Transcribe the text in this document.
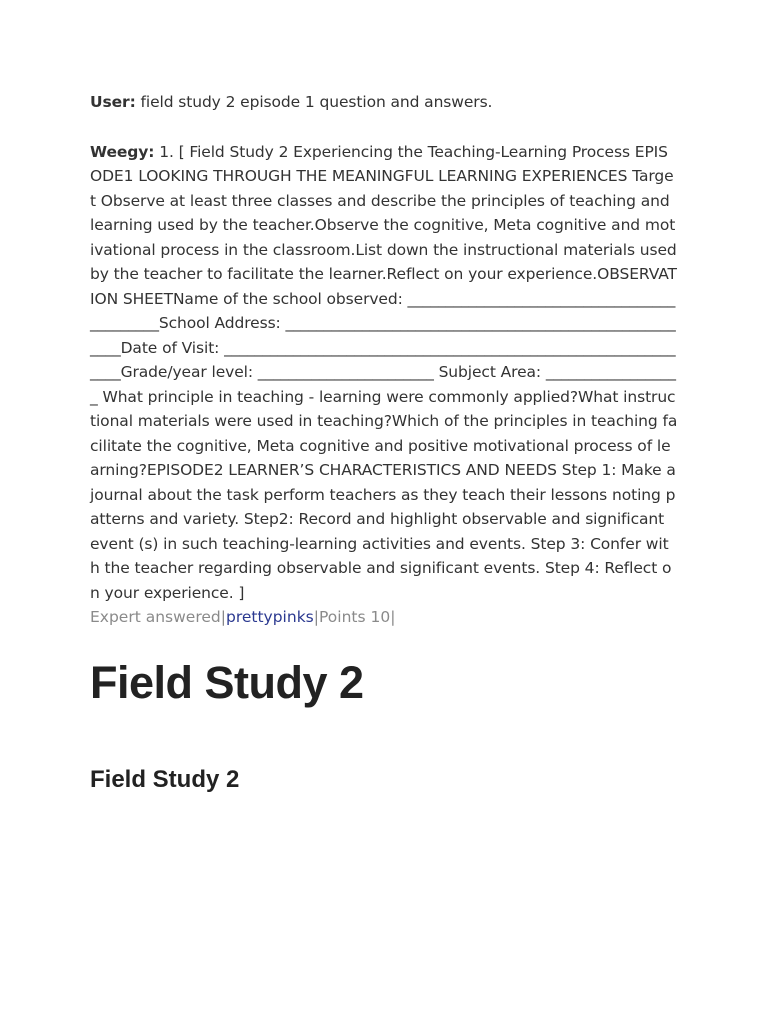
User: field study 2 episode 1 question and answers.

Weegy: 1. [ Field Study 2 Experiencing the Teaching-Learning Process EPISODE1 LOOKING THROUGH THE MEANINGFUL LEARNING EXPERIENCES Target Observe at least three classes and describe the principles of teaching and learning used by the teacher.Observe the cognitive, Meta cognitive and motivational process in the classroom.List down the instructional materials used by the teacher to facilitate the learner.Reflect on your experience.OBSERVATION SHEETName of the school observed: ____________________________________________School Address: _______________________________________________________Date of Visit: _______________________________________________________________Grade/year level: _______________________ Subject Area: __________________ What principle in teaching - learning were commonly applied?What instructional materials were used in teaching?Which of the principles in teaching facilitate the cognitive, Meta cognitive and positive motivational process of learning?EPISODE2 LEARNER’S CHARACTERISTICS AND NEEDS Step 1: Make a journal about the task perform teachers as they teach their lessons noting patterns and variety. Step2: Record and highlight observable and significant event (s) in such teaching-learning activities and events. Step 3: Confer with the teacher regarding observable and significant events. Step 4: Reflect on your experience. ]

Expert answered|prettypinks|Points 10|

Field Study 2
Field Study 2
